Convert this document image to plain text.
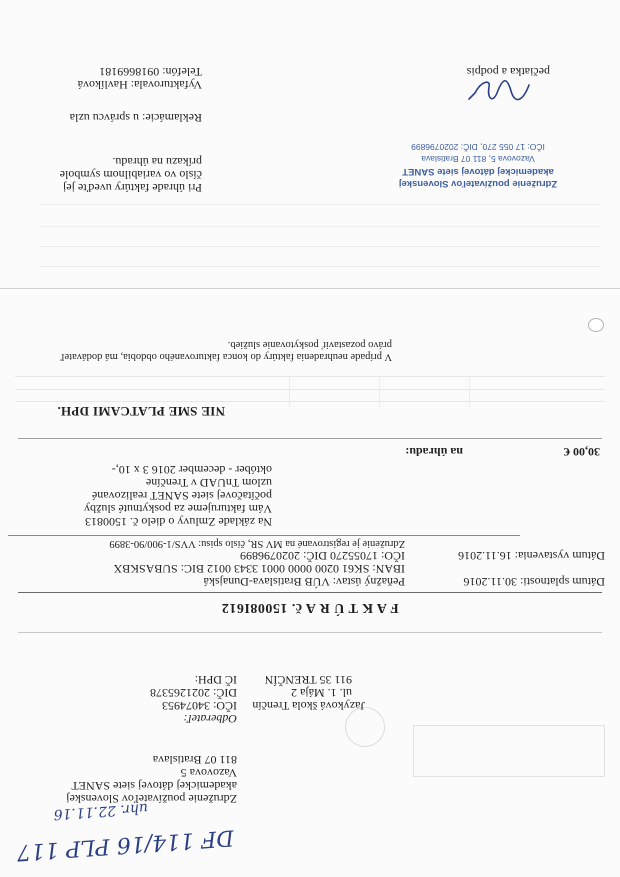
DF 114/16 PLP 117
uhr. 22.11.16
Združenie používateľov Slovenskej
akademickej dátovej siete SANET
Vazovova 5
811 07 Bratislava
Odberateľ:
IČO: 34074953
DIČ: 2021265378
IČ DPH:
Jazyková škola Trenčín
ul. 1. Mája 2
911 35 TRENČÍN
F A K T Ú R A č. 15008I612
Peňažný ústav: VÚB Bratislava-Dunajská
IBAN: SK61 0200 0000 0001 3343 0012 BIC: SUBASKBX
IČO: 17055270 DIČ: 2020796899
Združenie je registrované na MV SR, číslo spisu: VVS/1-900/90-3899
Dátum splatnosti: 30.11.2016
Dátum vystavenia: 16.11.2016
Na základe Zmluvy o dielo č. 1500813
Vám fakturujeme za poskytnuté služby
počítačovej siete SANET realizované
uzlom TnUAD v Trenčíne
október - december 2016 3 x 10,-
na úhradu:	30,00 €
NIE SME PLATCAMI DPH.
V prípade neuhradenia faktúry do konca fakturovaného obdobia, má dodávateľ
právo pozastaviť poskytovanie služieb.
Pri úhrade faktúry uveďte jej
číslo vo variabilnom symbole
príkazu na úhradu.
Združenie používateľov Slovenskej
akademickej dátovej siete SANET
Vazovova 5, 811 07 Bratislava
IČO: 17 055 270, DIČ: 2020796899
Reklamácie: u správcu uzla
Vyfakturovala: Havlíková
Telefón: 0918669181	pečiatka a podpis
